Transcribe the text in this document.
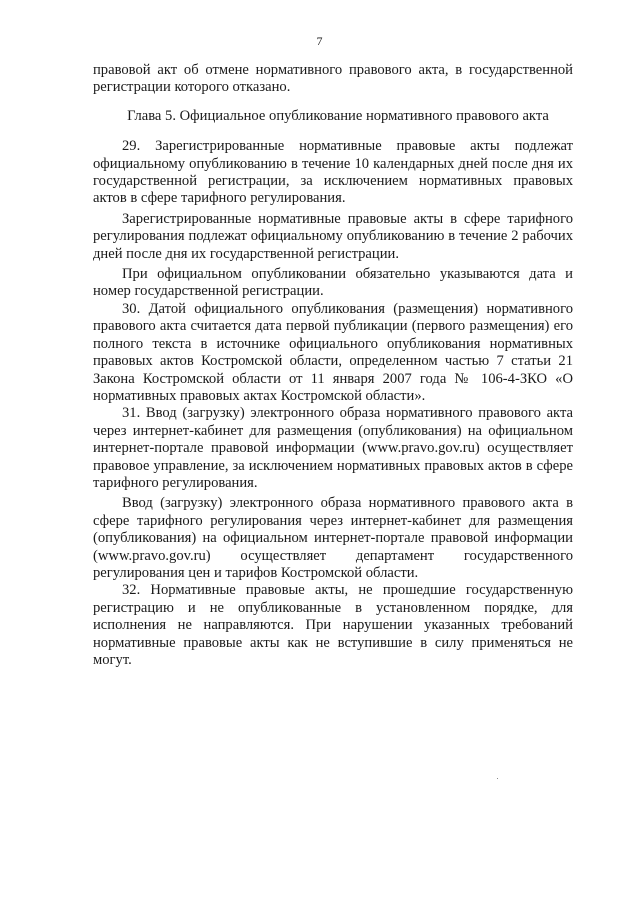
7

правовой акт об отмене нормативного правового акта, в государственной регистрации которого отказано.

Глава 5. Официальное опубликование нормативного правового акта

29. Зарегистрированные нормативные правовые акты подлежат официальному опубликованию в течение 10 календарных дней после дня их государственной регистрации, за исключением нормативных правовых актов в сфере тарифного регулирования.

Зарегистрированные нормативные правовые акты в сфере тарифного регулирования подлежат официальному опубликованию в течение 2 рабочих дней после дня их государственной регистрации.

При официальном опубликовании обязательно указываются дата и номер государственной регистрации.

30. Датой официального опубликования (размещения) нормативного правового акта считается дата первой публикации (первого размещения) его полного текста в источнике официального опубликования нормативных правовых актов Костромской области, определенном частью 7 статьи 21 Закона Костромской области от 11 января 2007 года № 106-4-ЗКО «О нормативных правовых актах Костромской области».

31. Ввод (загрузку) электронного образа нормативного правового акта через интернет-кабинет для размещения (опубликования) на официальном интернет-портале правовой информации (www.pravo.gov.ru) осуществляет правовое управление, за исключением нормативных правовых актов в сфере тарифного регулирования.

Ввод (загрузку) электронного образа нормативного правового акта в сфере тарифного регулирования через интернет-кабинет для размещения (опубликования) на официальном интернет-портале правовой информации (www.pravo.gov.ru) осуществляет департамент государственного регулирования цен и тарифов Костромской области.

32. Нормативные правовые акты, не прошедшие государственную регистрацию и не опубликованные в установленном порядке, для исполнения не направляются. При нарушении указанных требований нормативные правовые акты как не вступившие в силу применяться не могут.
